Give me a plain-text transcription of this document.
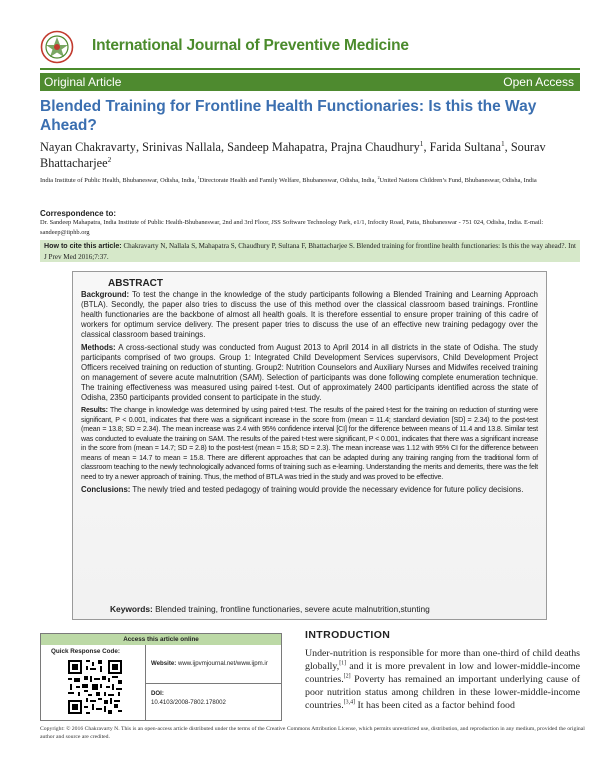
International Journal of Preventive Medicine
Original Article	Open Access
Blended Training for Frontline Health Functionaries: Is this the Way Ahead?
Nayan Chakravarty, Srinivas Nallala, Sandeep Mahapatra, Prajna Chaudhury$^1$, Farida Sultana$^1$, Sourav Bhattacharjee$^2$
India Institute of Public Health, Bhubaneswar, Odisha, India, $^1$Directorate Health and Family Welfare, Bhubaneswar, Odisha, India, $^2$United Nations Children’s Fund, Bhubaneswar, Odisha, India
Correspondence to:
Dr. Sandeep Mahapatra, India Institute of Public Health‑Bhubaneswar, 2nd and 3rd Floor, JSS Software Technology Park, e1/1, Infocity Road, Patia, Bhubaneswar ‑ 751 024, Odisha, India. E‑mail: sandeep@iiphb.org
How to cite this article: Chakravarty N, Nallala S, Mahapatra S, Chaudhury P, Sultana F, Bhattacharjee S. Blended training for frontline health functionaries: Is this the way ahead?. Int J Prev Med 2016;7:37.
ABSTRACT

Background: To test the change in the knowledge of the study participants following a Blended Training and Learning Approach (BTLA). Secondly, the paper also tries to discuss the use of this method over the classical classroom based trainings. Frontline health functionaries are the backbone of almost all health goals. It is therefore essential to ensure proper training of this cadre of workers for optimum service delivery. The present paper tries to discuss the use of an effective new training pedagogy over the classical classroom based trainings.

Methods: A cross‑sectional study was conducted from August 2013 to April 2014 in all districts in the state of Odisha. The study participants comprised of two groups. Group 1: Integrated Child Development Services supervisors, Child Development Project Officers received training on reduction of stunting. Group2: Nutrition Counselors and Auxiliary Nurses and Midwifes received training on management of severe acute malnutrition (SAM). Selection of participants was done following complete enumeration technique. The training effectiveness was measured using paired t‑test. Out of approximately 2400 participants identified across the state of Odisha, 2350 participants provided consent to participate in the study.

Results: The change in knowledge was determined by using paired t‑test. The results of the paired t‑test for the training on reduction of stunting were significant, P < 0.001, indicates that there was a significant increase in the score from (mean = 11.4; standard deviation [SD] = 2.34) to the post‑test (mean = 13.8; SD = 2.34). The mean increase was 2.4 with 95% confidence interval [CI] for the difference between means of 11.4 and 13.8. Similar test was conducted to evaluate the training on SAM. The results of the paired t‑test were significant, P < 0.001, indicates that there was a significant increase in the score from (mean = 14.7; SD = 2.8) to the post‑test (mean = 15.8; SD = 2.3). The mean increase was 1.12 with 95% CI for the difference between means of mean = 14.7 to mean = 15.8. There are different approaches that can be adapted during any training ranging from the traditional form of classroom teaching to the newly technologically advanced forms of training such as e‑learning. Understanding the merits and demerits, there was the felt need to try a newer approach of training. Thus, the method of BTLA was tried in the study and was proved to be effective.

Conclusions: The newly tried and tested pedagogy of training would provide the necessary evidence for future policy decisions.

Keywords: Blended training, frontline functionaries, severe acute malnutrition,stunting
Access this article online
Quick Response Code:
Website: www.ijpvmjournal.net/www.ijpm.ir
DOI:
10.4103/2008-7802.178002
INTRODUCTION
Under‑nutrition is responsible for more than one‑third of child deaths globally,[1] and it is more prevalent in low and lower‑middle‑income countries.[2] Poverty has remained an important underlying cause of poor nutrition status among children in these lower‑middle‑income countries.[3,4] It has been cited as a factor behind food
Copyright: © 2016 Chakravarty N. This is an open‑access article distributed under the terms of the Creative Commons Attribution License, which permits unrestricted use, distribution, and reproduction in any medium, provided the original author and source are credited.
